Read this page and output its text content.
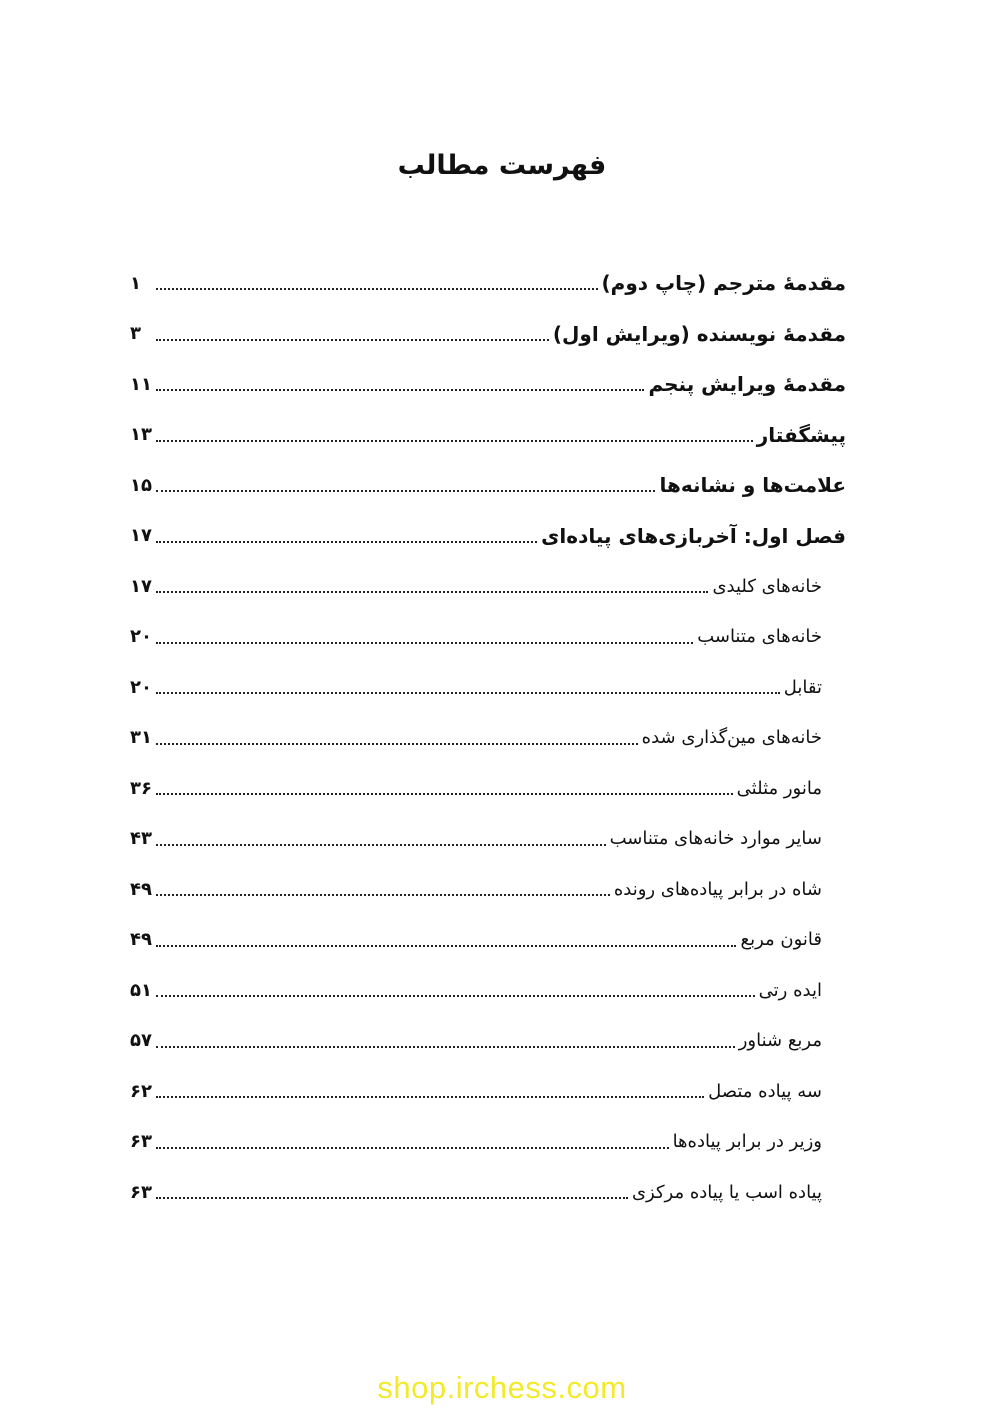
فهرست مطالب
مقدمهٔ مترجم (چاپ دوم)
۱
مقدمهٔ نویسنده (ویرایش اول)
۳
مقدمهٔ ویرایش پنجم
۱۱
پیشگفتار
۱۳
علامت‌ها و نشانه‌ها
۱۵
فصل اول: آخربازی‌های پیاده‌ای
۱۷
خانه‌های کلیدی
۱۷
خانه‌های متناسب
۲۰
تقابل
۲۰
خانه‌های مین‌گذاری شده
۳۱
مانور مثلثی
۳۶
سایر موارد خانه‌های متناسب
۴۳
شاه در برابر پیاده‌های رونده
۴۹
قانون مربع
۴۹
ایده رتی
۵۱
مربع شناور
۵۷
سه پیاده متصل
۶۲
وزیر در برابر پیاده‌ها
۶۳
پیاده اسب یا پیاده مرکزی
۶۳
shop.irchess.com
